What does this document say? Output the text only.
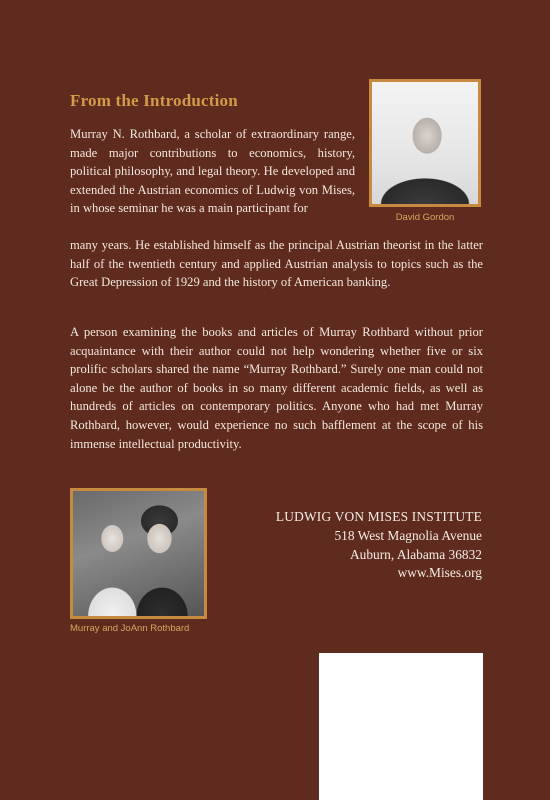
From the Introduction
David Gordon
Murray N. Rothbard, a scholar of extraordinary range, made major contributions to economics, history, political philosophy, and legal theory. He developed and extended the Austrian economics of Ludwig von Mises, in whose seminar he was a main participant for
many years. He established himself as the principal Austrian theorist in the latter half of the twentieth century and applied Austrian analysis to topics such as the Great Depression of 1929 and the history of American banking.
A person examining the books and articles of Murray Rothbard without prior acquaintance with their author could not help wondering whether five or six prolific scholars shared the name “Murray Rothbard.” Surely one man could not alone be the author of books in so many different academic fields, as well as hundreds of articles on contemporary politics. Anyone who had met Murray Rothbard, however, would experience no such bafflement at the scope of his immense intellectual productivity.
Murray and JoAnn Rothbard
LUDWIG VON MISES INSTITUTE
518 West Magnolia Avenue
Auburn, Alabama 36832
www.Mises.org
